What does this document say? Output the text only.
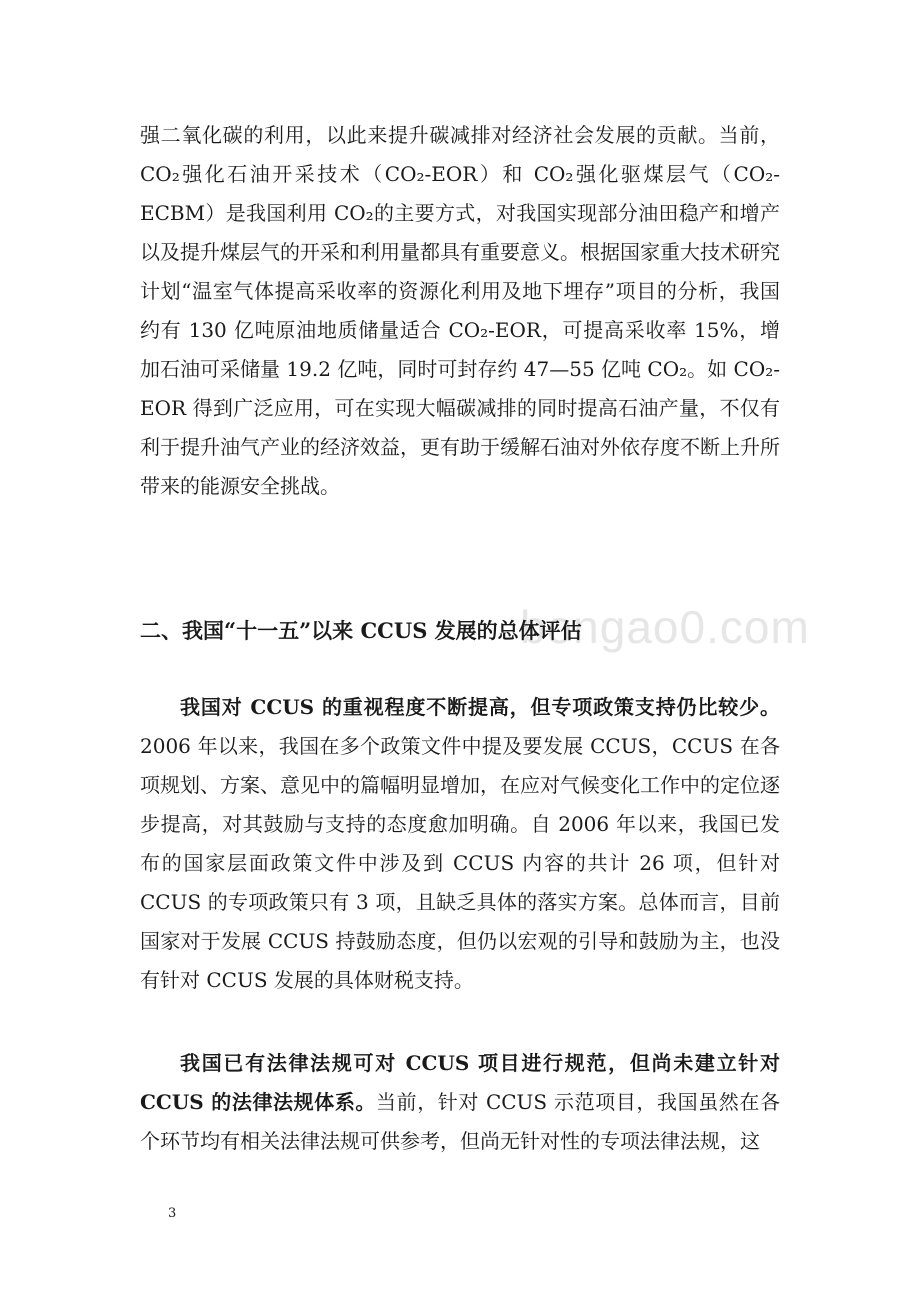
bongao0.com

强二氧化碳的利用，以此来提升碳减排对经济社会发展的贡献。当前，CO₂强化石油开采技术（CO₂-EOR）和 CO₂强化驱煤层气（CO₂-ECBM）是我国利用 CO₂的主要方式，对我国实现部分油田稳产和增产以及提升煤层气的开采和利用量都具有重要意义。根据国家重大技术研究计划“温室气体提高采收率的资源化利用及地下埋存”项目的分析，我国约有 130 亿吨原油地质储量适合 CO₂-EOR，可提高采收率 15%，增加石油可采储量 19.2 亿吨，同时可封存约 47—55 亿吨 CO₂。如 CO₂-EOR 得到广泛应用，可在实现大幅碳减排的同时提高石油产量，不仅有利于提升油气产业的经济效益，更有助于缓解石油对外依存度不断上升所带来的能源安全挑战。

二、我国“十一五”以来 CCUS 发展的总体评估

我国对 CCUS 的重视程度不断提高，但专项政策支持仍比较少。2006 年以来，我国在多个政策文件中提及要发展 CCUS，CCUS 在各项规划、方案、意见中的篇幅明显增加，在应对气候变化工作中的定位逐步提高，对其鼓励与支持的态度愈加明确。自 2006 年以来，我国已发布的国家层面政策文件中涉及到 CCUS 内容的共计 26 项，但针对 CCUS 的专项政策只有 3 项，且缺乏具体的落实方案。总体而言，目前国家对于发展 CCUS 持鼓励态度，但仍以宏观的引导和鼓励为主，也没有针对 CCUS 发展的具体财税支持。

我国已有法律法规可对 CCUS 项目进行规范，但尚未建立针对 CCUS 的法律法规体系。当前，针对 CCUS 示范项目，我国虽然在各个环节均有相关法律法规可供参考，但尚无针对性的专项法律法规，这

3
